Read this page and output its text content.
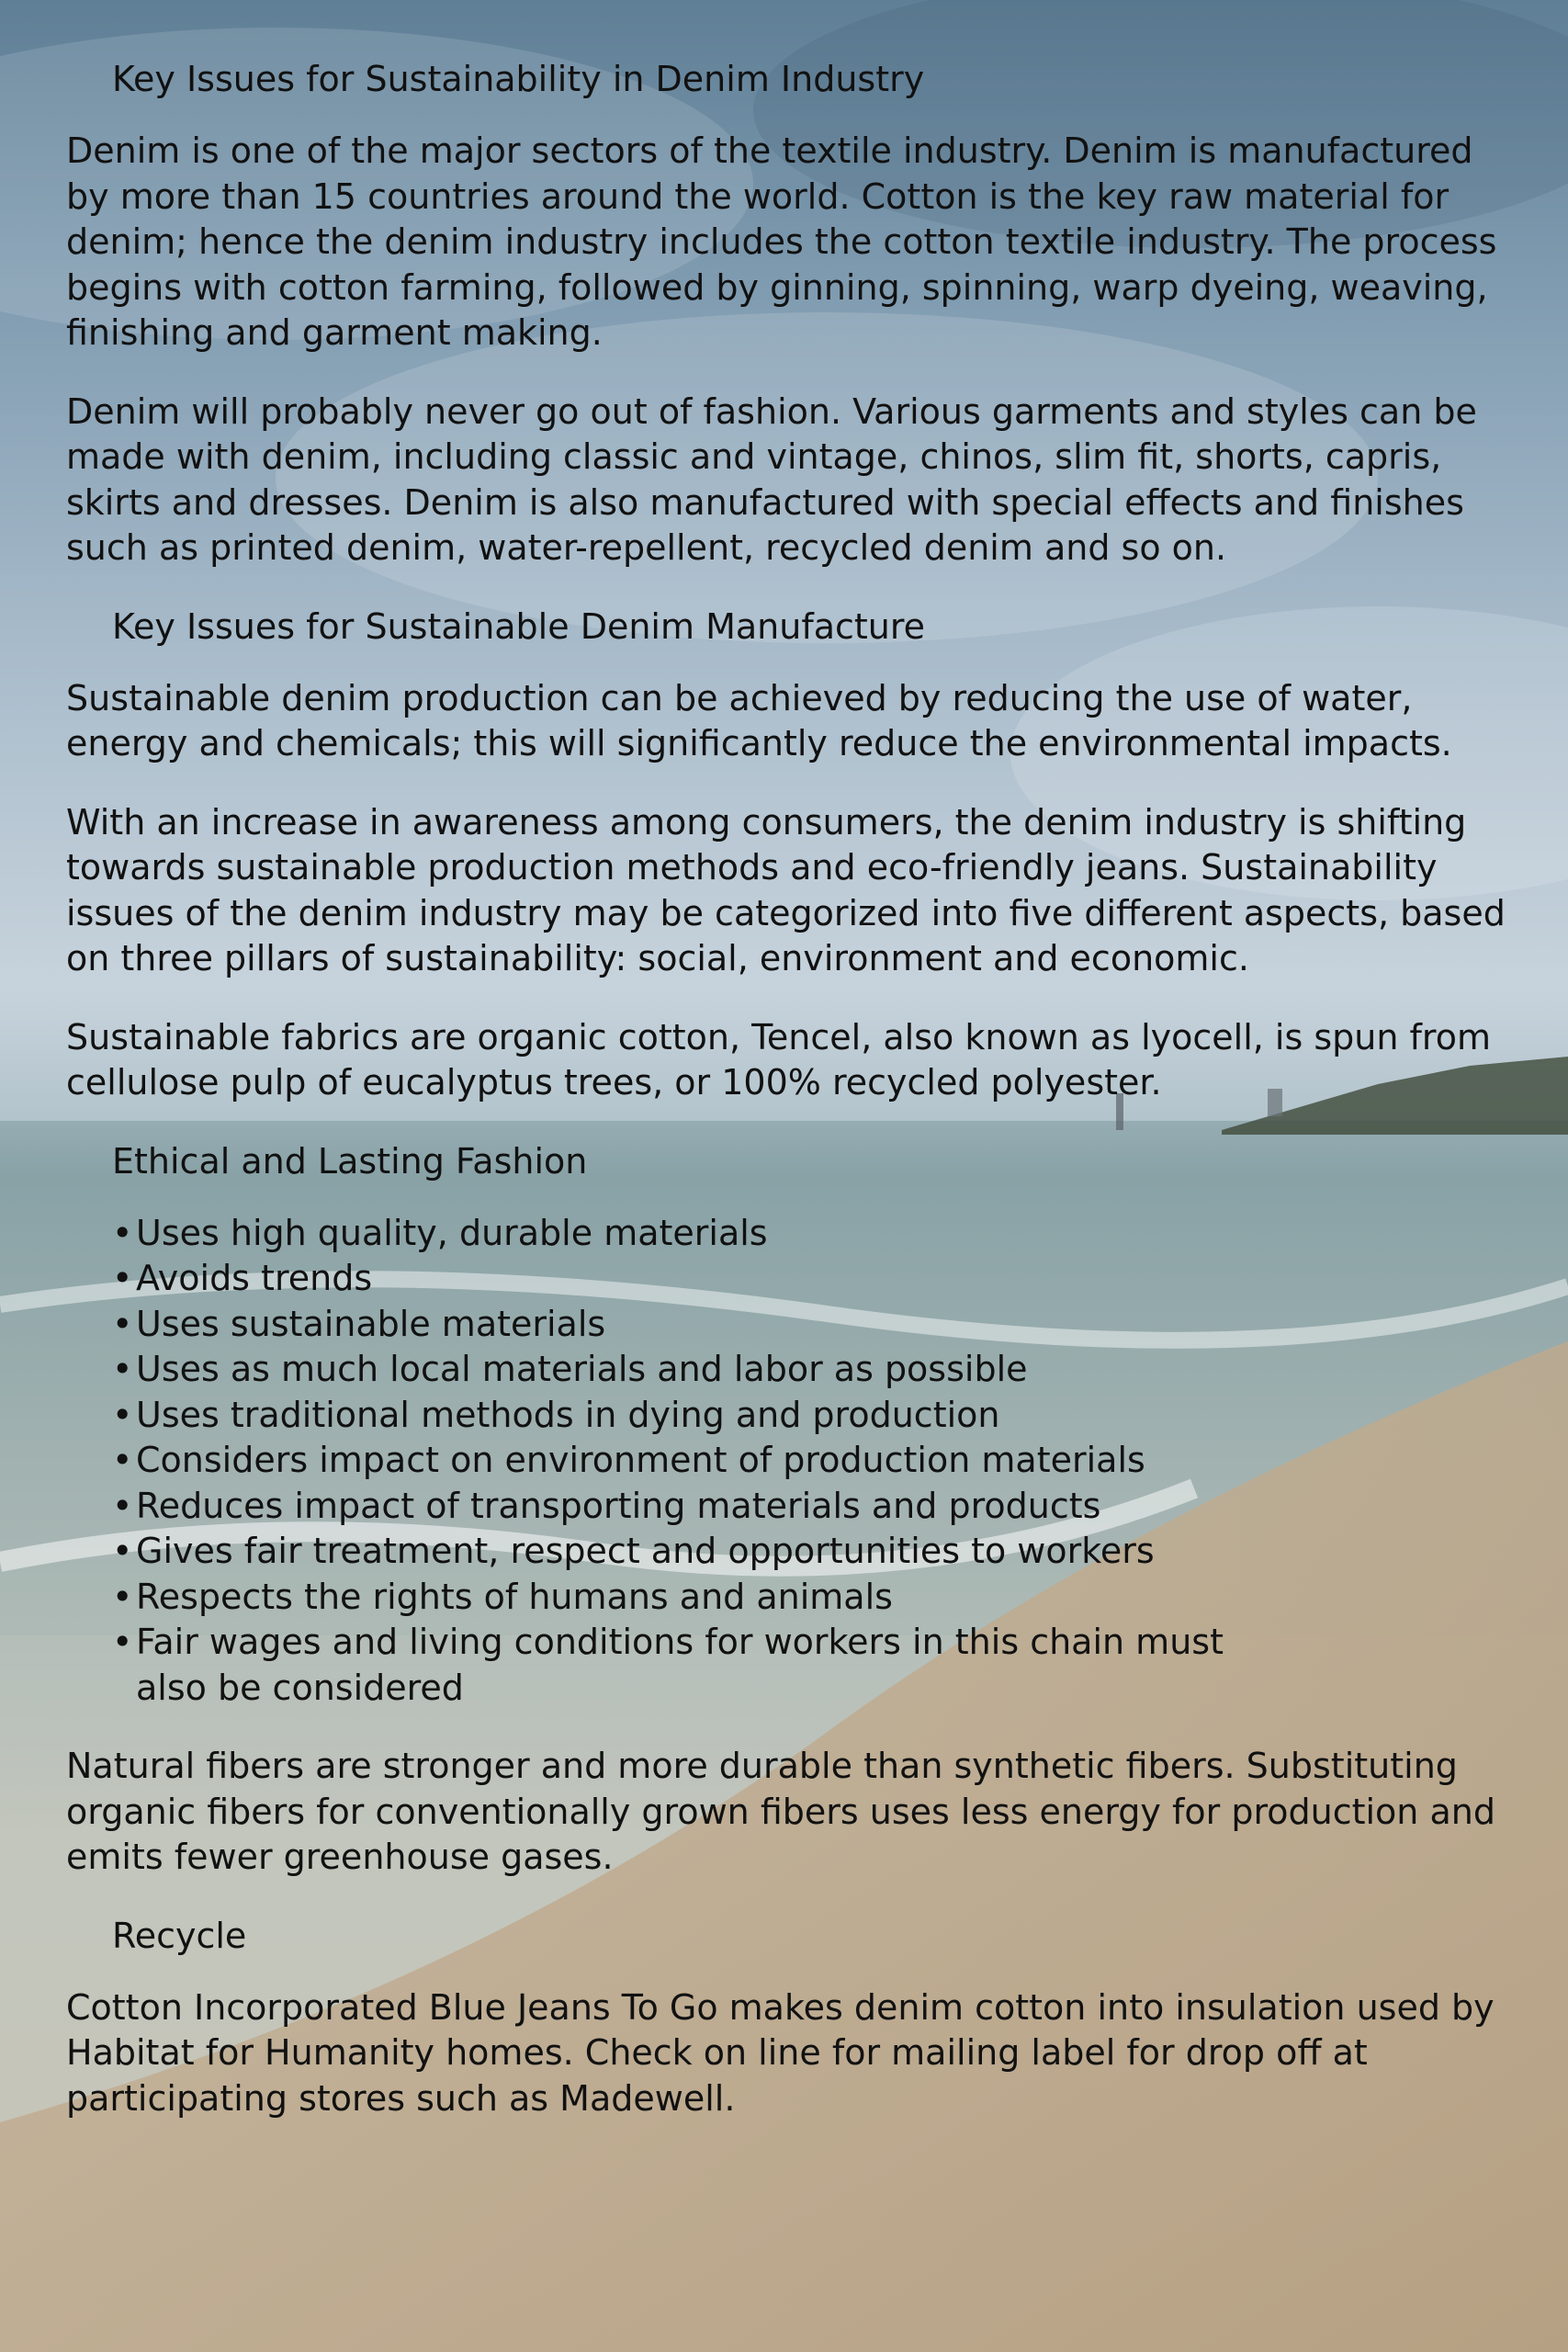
Key Issues for Sustainability in Denim Industry

Denim is one of the major sectors of the textile industry. Denim is manufactured by more than 15 countries around the world. Cotton is the key raw material for denim; hence the denim industry includes the cotton textile industry. The process begins with cotton farming, followed by ginning, spinning, warp dyeing, weaving, finishing and garment making.

Denim will probably never go out of fashion. Various garments and styles can be made with denim, including classic and vintage, chinos, slim fit, shorts, capris, skirts and dresses. Denim is also manufactured with special effects and finishes such as printed denim, water-repellent, recycled denim and so on.

Key Issues for Sustainable Denim Manufacture

Sustainable denim production can be achieved by reducing the use of water, energy and chemicals; this will significantly reduce the environmental impacts.

With an increase in awareness among consumers, the denim industry is shifting towards sustainable production methods and eco-friendly jeans. Sustainability issues of the denim industry may be categorized into five different aspects, based on three pillars of sustainability: social, environment and economic.

Sustainable fabrics are organic cotton, Tencel, also known as lyocell, is spun from cellulose pulp of eucalyptus trees, or 100% recycled polyester.

Ethical and Lasting Fashion
• Uses high quality, durable materials
• Avoids trends
• Uses sustainable materials
• Uses as much local materials and labor as possible
• Uses traditional methods in dying and production
• Considers impact on environment of production materials
• Reduces impact of transporting materials and products
• Gives fair treatment, respect and opportunities to workers
• Respects the rights of humans and animals
• Fair wages and living conditions for workers in this chain must also be considered

Natural fibers are stronger and more durable than synthetic fibers. Substituting organic fibers for conventionally grown fibers uses less energy for production and emits fewer greenhouse gases.

Recycle

Cotton Incorporated Blue Jeans To Go makes denim cotton into insulation used by Habitat for Humanity homes. Check on line for mailing label for drop off at participating stores such as Madewell.
